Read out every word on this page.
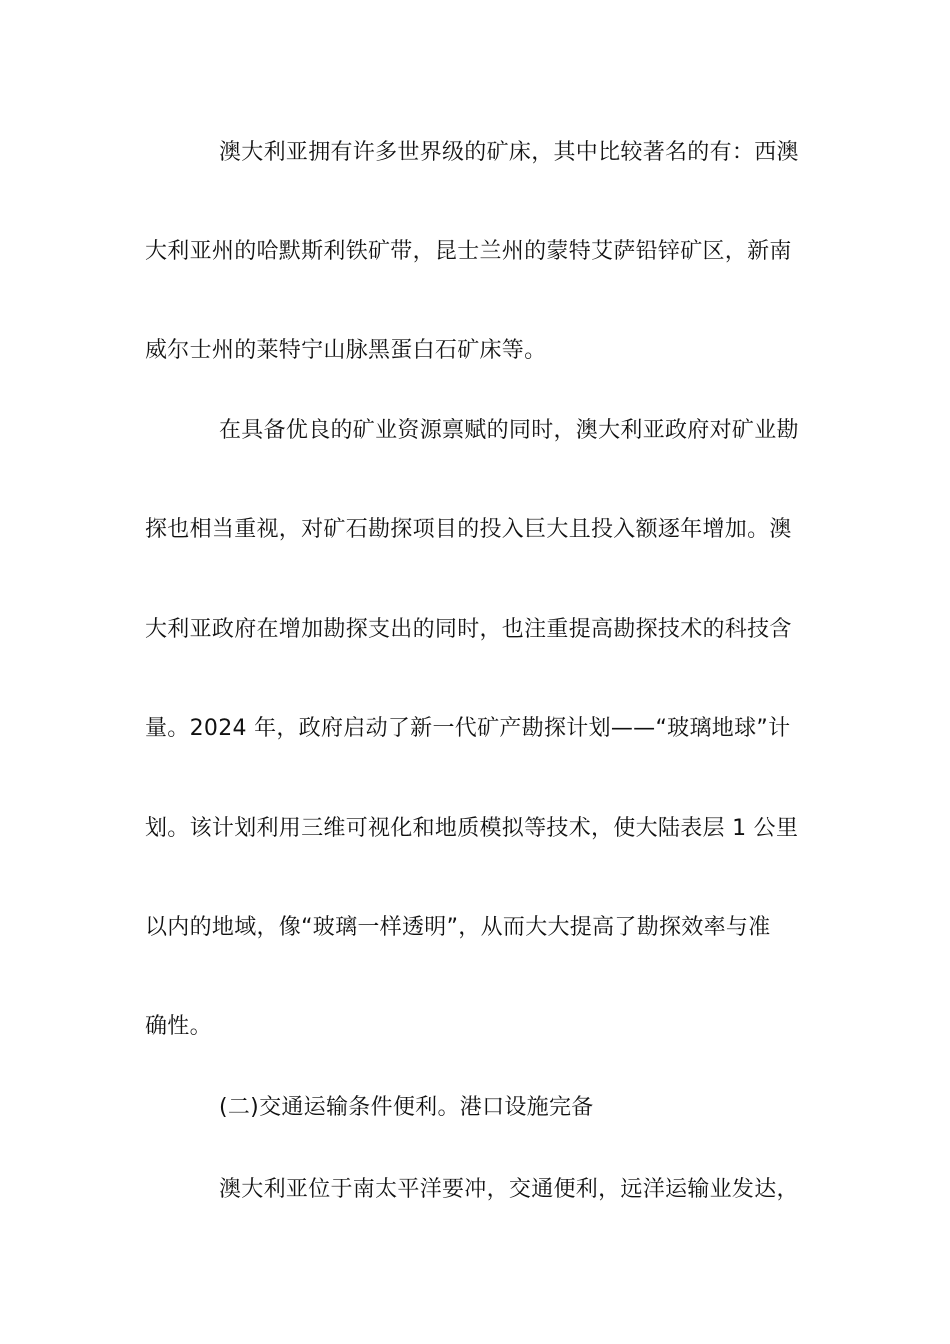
澳大利亚拥有许多世界级的矿床，其中比较著名的有：西澳
大利亚州的哈默斯利铁矿带，昆士兰州的蒙特艾萨铅锌矿区，新南
威尔士州的莱特宁山脉黑蛋白石矿床等。
在具备优良的矿业资源禀赋的同时，澳大利亚政府对矿业勘
探也相当重视，对矿石勘探项目的投入巨大且投入额逐年增加。澳
大利亚政府在增加勘探支出的同时，也注重提高勘探技术的科技含
量。2024 年，政府启动了新一代矿产勘探计划——“玻璃地球”计
划。该计划利用三维可视化和地质模拟等技术，使大陆表层 1 公里
以内的地域，像“玻璃一样透明”，从而大大提高了勘探效率与准
确性。
(二)交通运输条件便利。港口设施完备
澳大利亚位于南太平洋要冲，交通便利，远洋运输业发达，
